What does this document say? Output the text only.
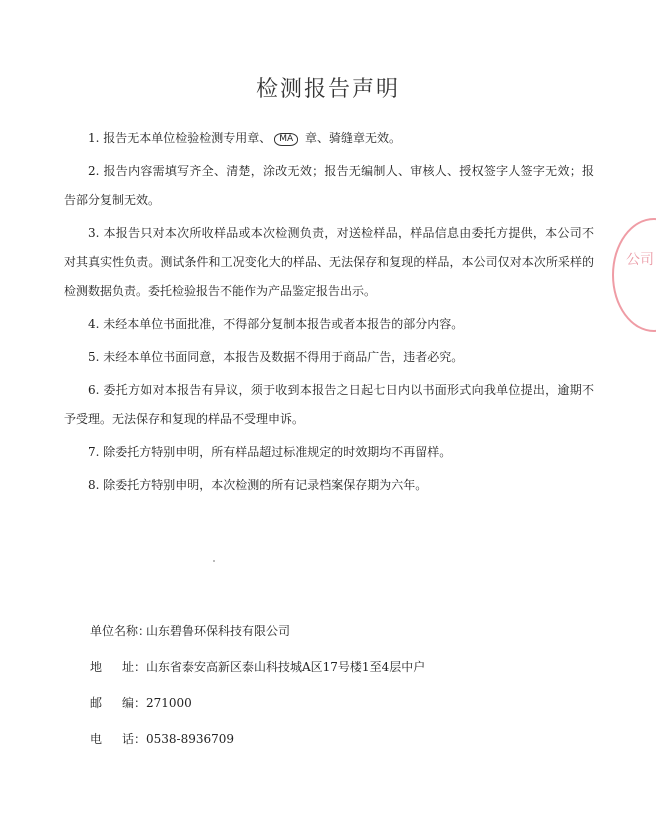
检测报告声明

1. 报告无本单位检验检测专用章、 MA 章、骑缝章无效。

2. 报告内容需填写齐全、清楚，涂改无效；报告无编制人、审核人、授权签字人签字无效；报告部分复制无效。

3. 本报告只对本次所收样品或本次检测负责，对送检样品，样品信息由委托方提供，本公司不对其真实性负责。测试条件和工况变化大的样品、无法保存和复现的样品，本公司仅对本次所采样的检测数据负责。委托检验报告不能作为产品鉴定报告出示。

4. 未经本单位书面批准，不得部分复制本报告或者本报告的部分内容。

5. 未经本单位书面同意，本报告及数据不得用于商品广告，违者必究。

6. 委托方如对本报告有异议，须于收到本报告之日起七日内以书面形式向我单位提出，逾期不予受理。无法保存和复现的样品不受理申诉。

7. 除委托方特别申明，所有样品超过标准规定的时效期均不再留样。

8. 除委托方特别申明，本次检测的所有记录档案保存期为六年。

单位名称：
山东碧鲁环保科技有限公司
地 址： 山东省泰安高新区泰山科技城A区17号楼1至4层中户
邮 编： 271000
电 话： 0538-8936709
公司
